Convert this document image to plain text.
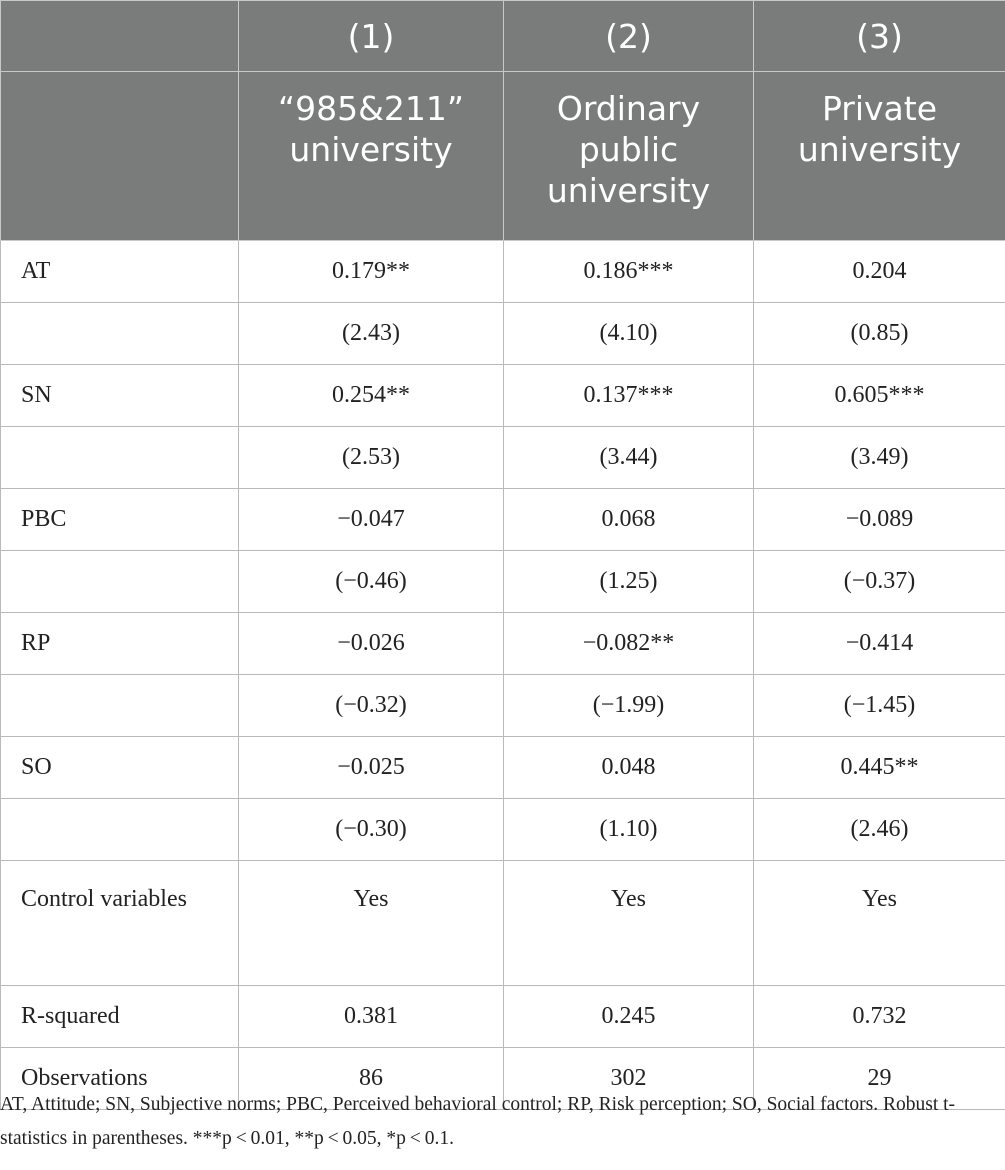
	(1)	(2)	(3)
	“985&211” university	Ordinary public university	Private university
AT	0.179**	0.186***	0.204
	(2.43)	(4.10)	(0.85)
SN	0.254**	0.137***	0.605***
	(2.53)	(3.44)	(3.49)
PBC	−0.047	0.068	−0.089
	(−0.46)	(1.25)	(−0.37)
RP	−0.026	−0.082**	−0.414
	(−0.32)	(−1.99)	(−1.45)
SO	−0.025	0.048	0.445**
	(−0.30)	(1.10)	(2.46)
Control variables	Yes	Yes	Yes
R-squared	0.381	0.245	0.732
Observations	86	302	29
AT, Attitude; SN, Subjective norms; PBC, Perceived behavioral control; RP, Risk perception; SO, Social factors. Robust t-statistics in parentheses. ***p < 0.01, **p < 0.05, *p < 0.1.
